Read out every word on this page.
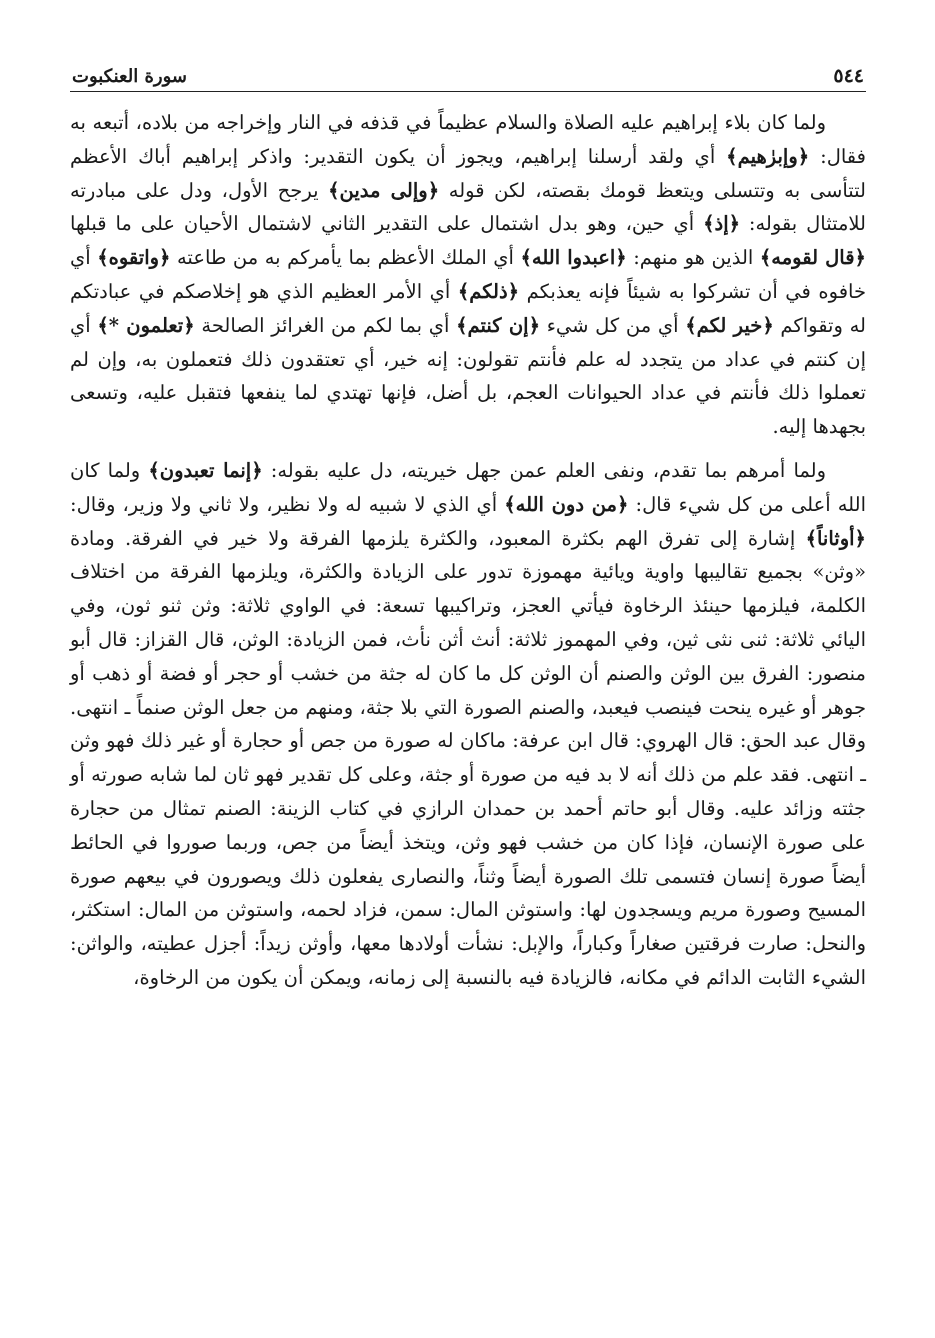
٥٤٤
سورة العنكبوت

ولما كان بلاء إبراهيم عليه الصلاة والسلام عظيماً في قذفه في النار وإخراجه من بلاده، أتبعه به فقال: ﴿وإبرٰهيم﴾ أي ولقد أرسلنا إبراهيم، ويجوز أن يكون التقدير: واذكر إبراهيم أباك الأعظم لتتأسى به وتتسلى ويتعظ قومك بقصته، لكن قوله ﴿وإلى مدين﴾ يرجح الأول، ودل على مبادرته للامتثال بقوله: ﴿إذ﴾ أي حين، وهو بدل اشتمال على التقدير الثاني لاشتمال الأحيان على ما قبلها ﴿قال لقومه﴾ الذين هو منهم: ﴿اعبدوا الله﴾ أي الملك الأعظم بما يأمركم به من طاعته ﴿واتقوه﴾ أي خافوه في أن تشركوا به شيئاً فإنه يعذبكم ﴿ذلكم﴾ أي الأمر العظيم الذي هو إخلاصكم في عبادتكم له وتقواكم ﴿خير لكم﴾ أي من كل شيء ﴿إن كنتم﴾ أي بما لكم من الغرائز الصالحة ﴿تعلمون *﴾ أي إن كنتم في عداد من يتجدد له علم فأنتم تقولون: إنه خير، أي تعتقدون ذلك فتعملون به، وإن لم تعملوا ذلك فأنتم في عداد الحيوانات العجم، بل أضل، فإنها تهتدي لما ينفعها فتقبل عليه، وتسعى بجهدها إليه.

ولما أمرهم بما تقدم، ونفى العلم عمن جهل خيريته، دل عليه بقوله: ﴿إنما تعبدون﴾ ولما كان الله أعلى من كل شيء قال: ﴿من دون الله﴾ أي الذي لا شبيه له ولا نظير، ولا ثاني ولا وزير، وقال: ﴿أوثاناً﴾ إشارة إلى تفرق الهم بكثرة المعبود، والكثرة يلزمها الفرقة ولا خير في الفرقة. ومادة «وثن» بجميع تقاليبها واوية ويائية مهموزة تدور على الزيادة والكثرة، ويلزمها الفرقة من اختلاف الكلمة، فيلزمها حينئذ الرخاوة فيأتي العجز، وتراكيبها تسعة: في الواوي ثلاثة: وثن ثنو ثون، وفي اليائي ثلاثة: ثنى نثى ثين، وفي المهموز ثلاثة: أنث أثن نأث، فمن الزيادة: الوثن، قال القزاز: قال أبو منصور: الفرق بين الوثن والصنم أن الوثن كل ما كان له جثة من خشب أو حجر أو فضة أو ذهب أو جوهر أو غيره ينحت فينصب فيعبد، والصنم الصورة التي بلا جثة، ومنهم من جعل الوثن صنماً ـ انتهى. وقال عبد الحق: قال الهروي: قال ابن عرفة: ماكان له صورة من جص أو حجارة أو غير ذلك فهو وثن ـ انتهى. فقد علم من ذلك أنه لا بد فيه من صورة أو جثة، وعلى كل تقدير فهو ثان لما شابه صورته أو جثته وزائد عليه. وقال أبو حاتم أحمد بن حمدان الرازي في كتاب الزينة: الصنم تمثال من حجارة على صورة الإنسان، فإذا كان من خشب فهو وثن، ويتخذ أيضاً من جص، وربما صوروا في الحائط أيضاً صورة إنسان فتسمى تلك الصورة أيضاً وثناً، والنصارى يفعلون ذلك ويصورون في بيعهم صورة المسيح وصورة مريم ويسجدون لها: واستوثن المال: سمن، فزاد لحمه، واستوثن من المال: استكثر، والنحل: صارت فرقتين صغاراً وكباراً، والإبل: نشأت أولادها معها، وأوثن زيداً: أجزل عطيته، والواثن: الشيء الثابت الدائم في مكانه، فالزيادة فيه بالنسبة إلى زمانه، ويمكن أن يكون من الرخاوة،
